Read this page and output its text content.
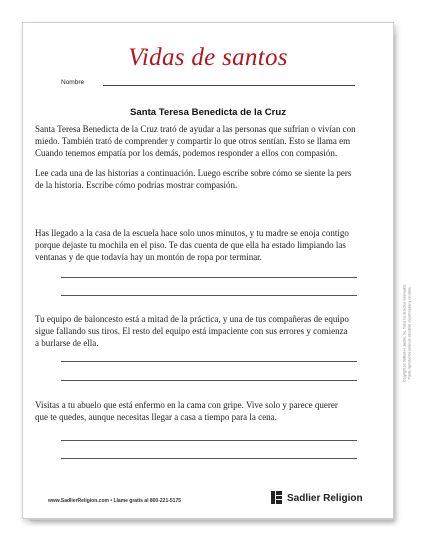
Vidas de santos
Nombre
Santa Teresa Benedicta de la Cruz
Santa Teresa Benedicta de la Cruz trató de ayudar a las personas que sufrían o vivían con
miedo. También trató de comprender y compartir lo que otros sentían. Esto se llama em
Cuando tenemos empatía por los demás, podemos responder a ellos con compasión.
Lee cada una de las historias a continuación. Luego escribe sobre cómo se siente la pers
de la historia. Escribe cómo podrías mostrar compasión.
Has llegado a la casa de la escuela hace solo unos minutos, y tu madre se enoja contigo
porque dejaste tu mochila en el piso. Te das cuenta de que ella ha estado limpiando las
ventanas y de que todavía hay un montón de ropa por terminar.
Tu equipo de baloncesto está a mitad de la práctica, y una de tus compañeras de equipo
sigue fallando sus tiros. El resto del equipo está impaciente con sus errores y comienza
a burlarse de ella.
Visitas a tu abuelo que está enfermo en la cama con gripe. Vive solo y parece querer
que te quedes, aunque necesitas llegar a casa a tiempo para la cena.
Copyright por William H. Sadlier, Inc. Todos los derechos reservados. Puede reproducirse para uso educativo en parroquias y escuelas.
www.SadlierReligion.com • Llame gratis al 800-221-5175	Sadlier Religion
